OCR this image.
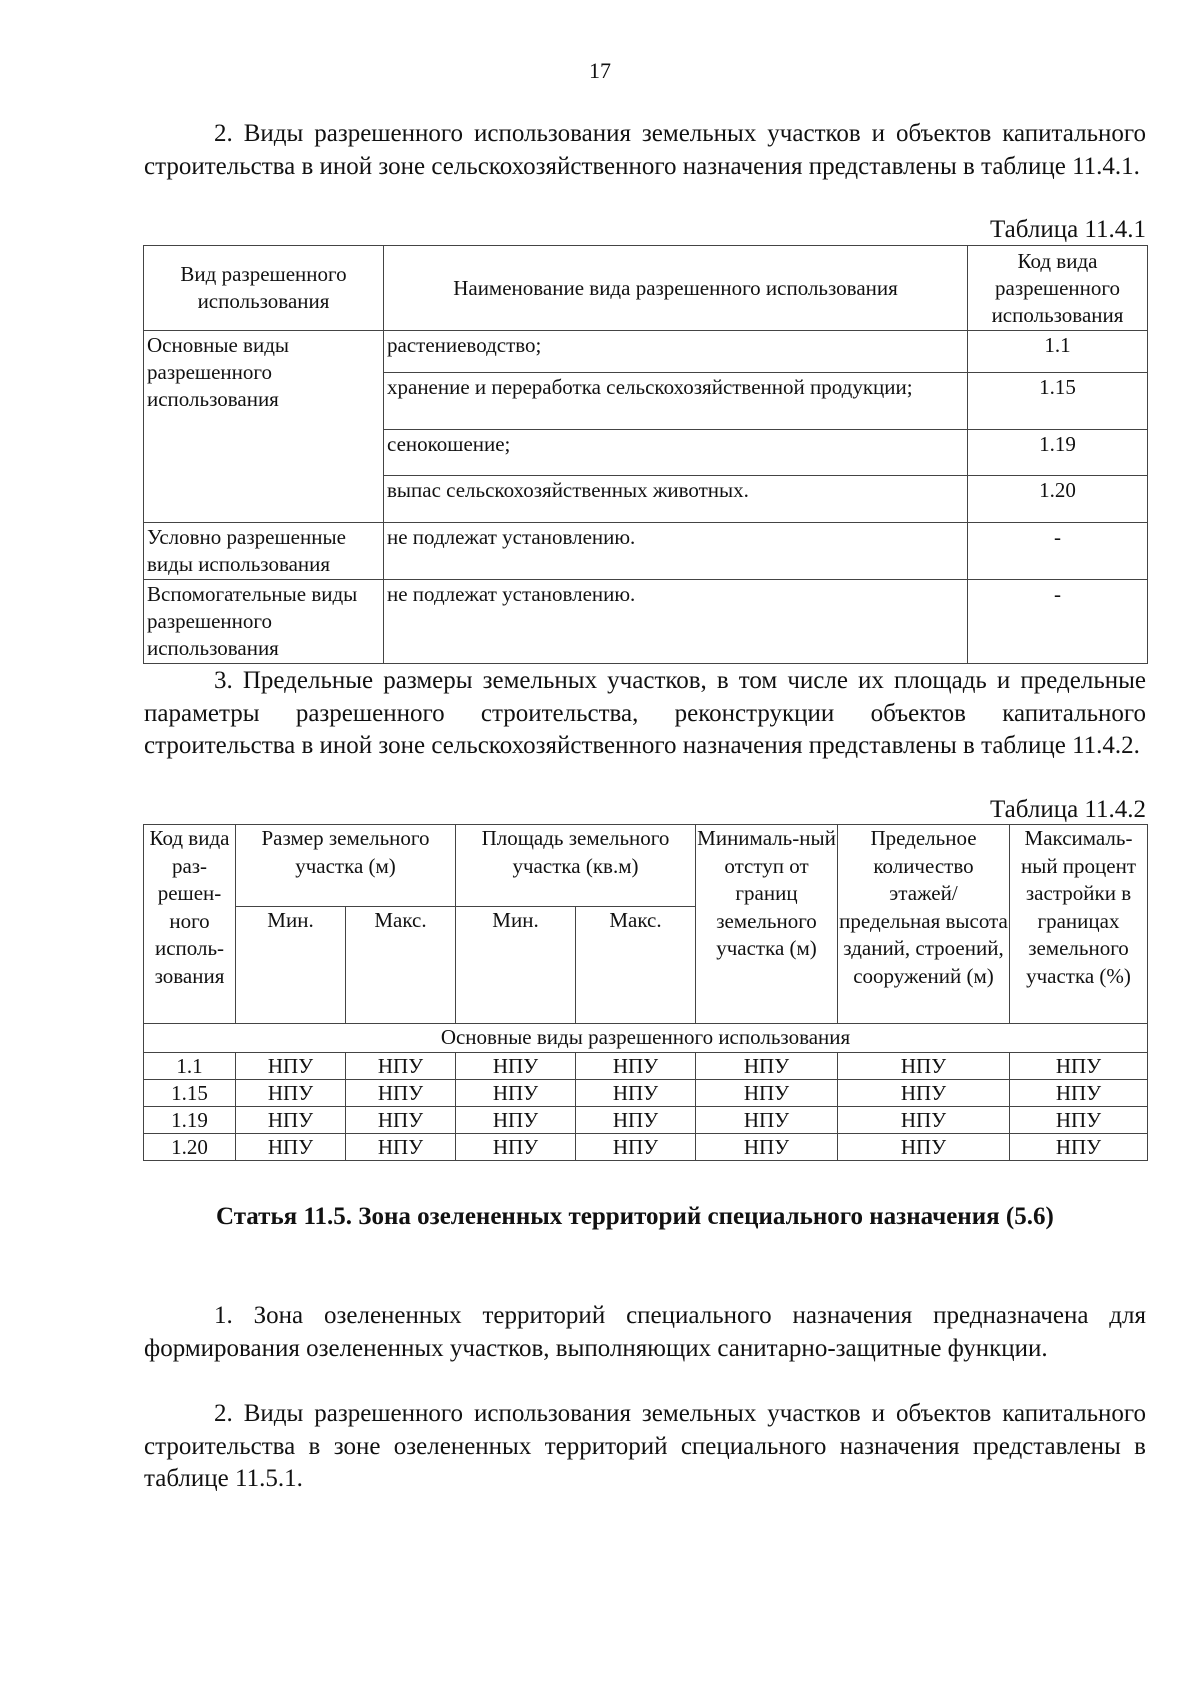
17

2. Виды разрешенного использования земельных участков и объектов капитального строительства в иной зоне сельскохозяйственного назначения представлены в таблице 11.4.1.

Таблица 11.4.1
Вид разрешенного использования	Наименование вида разрешенного использования	Код вида разрешенного использования
Основные виды разрешенного использования	растениеводство;	1.1
	хранение и переработка сельскохозяйственной продукции;	1.15
	сенокошение;	1.19
	выпас сельскохозяйственных животных.	1.20
Условно разрешенные виды использования	не подлежат установлению.	-
Вспомогательные виды разрешенного использования	не подлежат установлению.	-

3. Предельные размеры земельных участков, в том числе их площадь и предельные параметры разрешенного строительства, реконструкции объектов капитального строительства в иной зоне сельскохозяйственного назначения представлены в таблице 11.4.2.

Таблица 11.4.2
Код вида раз-решен-ного исполь-зования	Размер земельного участка (м)		Площадь земельного участка (кв.м)		Минималь-ный отступ от границ земельного участка (м)	Предельное количество этажей/ предельная высота зданий, строений, сооружений (м)	Максималь-ный процент застройки в границах земельного участка (%)
	Мин.	Макс.	Мин.	Макс.			
Основные виды разрешенного использования							
1.1	НПУ	НПУ	НПУ	НПУ	НПУ	НПУ	НПУ
1.15	НПУ	НПУ	НПУ	НПУ	НПУ	НПУ	НПУ
1.19	НПУ	НПУ	НПУ	НПУ	НПУ	НПУ	НПУ
1.20	НПУ	НПУ	НПУ	НПУ	НПУ	НПУ	НПУ

Статья 11.5. Зона озелененных территорий специального назначения (5.6)

1. Зона озелененных территорий специального назначения предназначена для формирования озелененных участков, выполняющих санитарно-защитные функции.

2. Виды разрешенного использования земельных участков и объектов капитального строительства в зоне озелененных территорий специального назначения представлены в таблице 11.5.1.
